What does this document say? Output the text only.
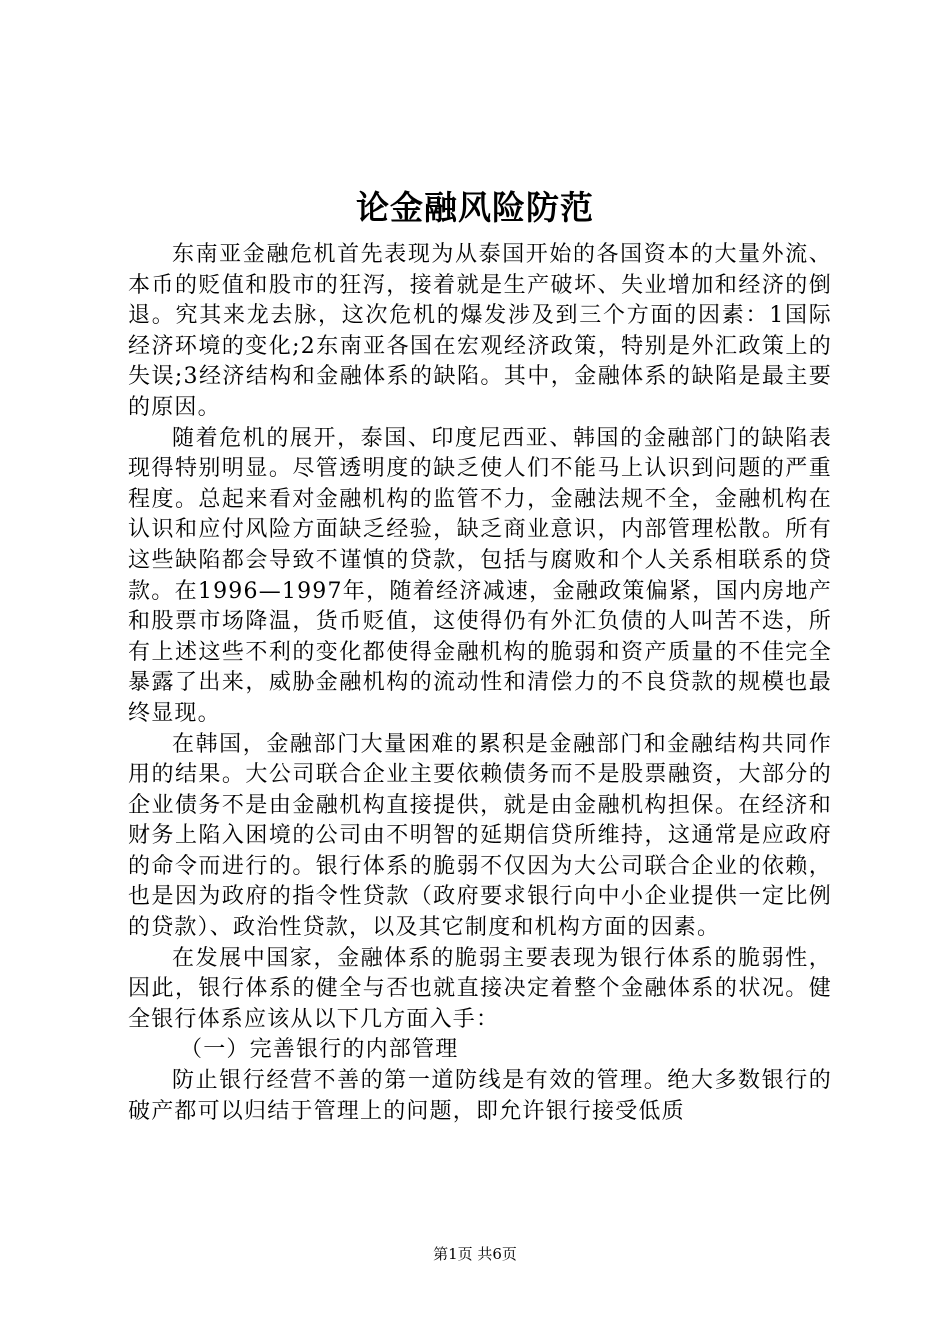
论金融风险防范

东南亚金融危机首先表现为从泰国开始的各国资本的大量外流、本币的贬值和股市的狂泻，接着就是生产破坏、失业增加和经济的倒退。究其来龙去脉，这次危机的爆发涉及到三个方面的因素：1国际经济环境的变化;2东南亚各国在宏观经济政策，特别是外汇政策上的失误;3经济结构和金融体系的缺陷。其中，金融体系的缺陷是最主要的原因。

随着危机的展开，泰国、印度尼西亚、韩国的金融部门的缺陷表现得特别明显。尽管透明度的缺乏使人们不能马上认识到问题的严重程度。总起来看对金融机构的监管不力，金融法规不全，金融机构在认识和应付风险方面缺乏经验，缺乏商业意识，内部管理松散。所有这些缺陷都会导致不谨慎的贷款，包括与腐败和个人关系相联系的贷款。在1996—1997年，随着经济减速，金融政策偏紧，国内房地产和股票市场降温，货币贬值，这使得仍有外汇负债的人叫苦不迭，所有上述这些不利的变化都使得金融机构的脆弱和资产质量的不佳完全暴露了出来，威胁金融机构的流动性和清偿力的不良贷款的规模也最终显现。

在韩国，金融部门大量困难的累积是金融部门和金融结构共同作用的结果。大公司联合企业主要依赖债务而不是股票融资，大部分的企业债务不是由金融机构直接提供，就是由金融机构担保。在经济和财务上陷入困境的公司由不明智的延期信贷所维持，这通常是应政府的命令而进行的。银行体系的脆弱不仅因为大公司联合企业的依赖，也是因为政府的指令性贷款（政府要求银行向中小企业提供一定比例的贷款）、政治性贷款，以及其它制度和机构方面的因素。

在发展中国家，金融体系的脆弱主要表现为银行体系的脆弱性，因此，银行体系的健全与否也就直接决定着整个金融体系的状况。健全银行体系应该从以下几方面入手：

（一）完善银行的内部管理

防止银行经营不善的第一道防线是有效的管理。绝大多数银行的破产都可以归结于管理上的问题，即允许银行接受低质

第1页 共6页
